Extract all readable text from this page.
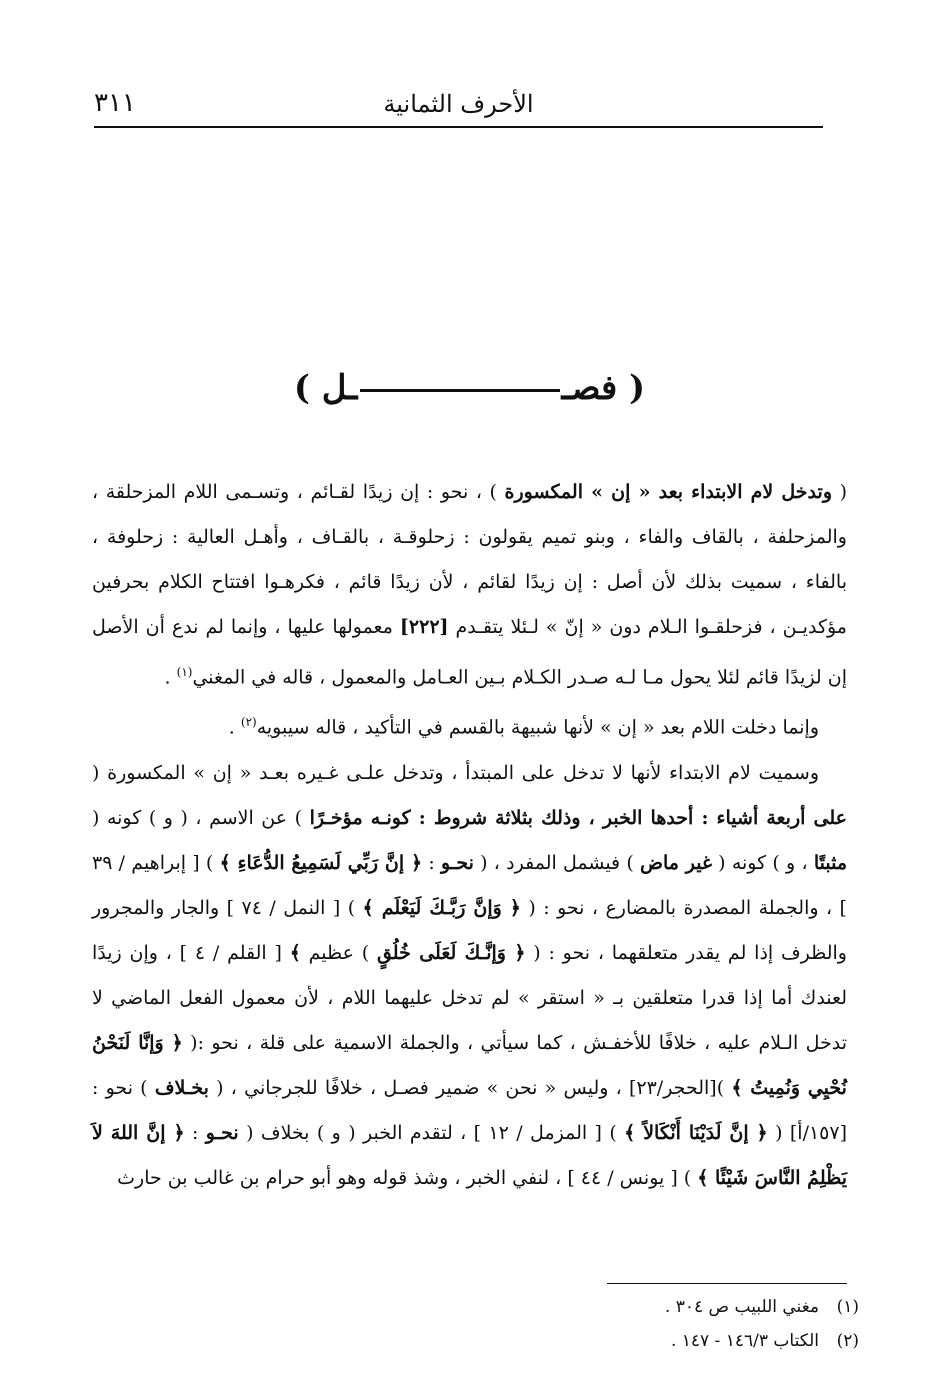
الأحرف الثمانية
٣١١
( فصــل )

( وتدخل لام الابتداء بعد « إن » المكسورة ) ، نحو : إن زيدًا لقـائم ، وتسـمى اللام المزحلقة ، والمزحلفة ، بالقاف والفاء ، وبنو تميم يقولون : زحلوقـة ، بالقـاف ، وأهـل العالية : زحلوفة ، بالفاء ، سميت بذلك لأن أصل : إن زيدًا لقائم ، لأن زيدًا قائم ، فكرهـوا افتتاح الكلام بحرفين مؤكديـن ، فزحلقـوا الـلام دون « إنّ » لـئلا يتقـدم [٢٢٢] معمولها عليها ، وإنما لم ندع أن الأصل إن لزيدًا قائم لئلا يحول مـا لـه صـدر الكـلام بـين العـامل والمعمول ، قاله في المغني$^{(١)}$ .

وإنما دخلت اللام بعد « إن » لأنها شبيهة بالقسم في التأكيد ، قاله سيبويه$^{(٢)}$ .

وسميت لام الابتداء لأنها لا تدخل على المبتدأ ، وتدخل علـى غـيره بعـد « إن » المكسورة ( على أربعة أشياء : أحدها الخبر ، وذلك بثلاثة شروط : كونـه مؤخـرًا ) عن الاسم ، ( و ) كونه ( مثبتًا ، و ) كونه ( غير ماض ) فيشمل المفرد ، ( نحـو : ﴿ إنَّ رَبِّي لَسَمِيعُ الدُّعَاءِ ﴾ ) [ إبراهيم / ٣٩ ] ، والجملة المصدرة بالمضارع ، نحو : ( ﴿ وَإنَّ رَبَّـكَ لَيَعْلَم ﴾ ) [ النمل / ٧٤ ] والجار والمجرور والظرف إذا لم يقدر متعلقهما ، نحو : ( ﴿ وَإنَّـكَ لَعَلَى خُلُقٍ ) عظيم ﴾ [ القلم / ٤ ] ، وإن زيدًا لعندك أما إذا قدرا متعلقين بـ « استقر » لم تدخل عليهما اللام ، لأن معمول الفعل الماضي لا تدخل الـلام عليه ، خلافًا للأخفـش ، كما سيأتي ، والجملة الاسمية على قلة ، نحو :( ﴿ وَإنَّا لَنَحْنُ نُحْيِي وَنُمِيتُ ﴾ )[الحجر/٢٣] ، وليس « نحن » ضمير فصـل ، خلافًا للجرجاني ، ( بخـلاف ) نحو : [١٥٧/أ] ( ﴿ إنَّ لَدَيْنَا أَنْكَالاً ﴾ ) [ المزمل / ١٢ ] ، لتقدم الخبر ( و ) بخلاف ( نحـو : ﴿ إنَّ اللهَ لاَ يَظْلِمُ النَّاسَ شَيْئًا ﴾ ) [ يونس / ٤٤ ] ، لنفي الخبر ، وشذ قوله وهو أبو حرام بن غالب بن حارث

(١)مغني اللبيب ص ٣٠٤ .
(٢)الكتاب ١٤٦/٣ - ١٤٧ .
